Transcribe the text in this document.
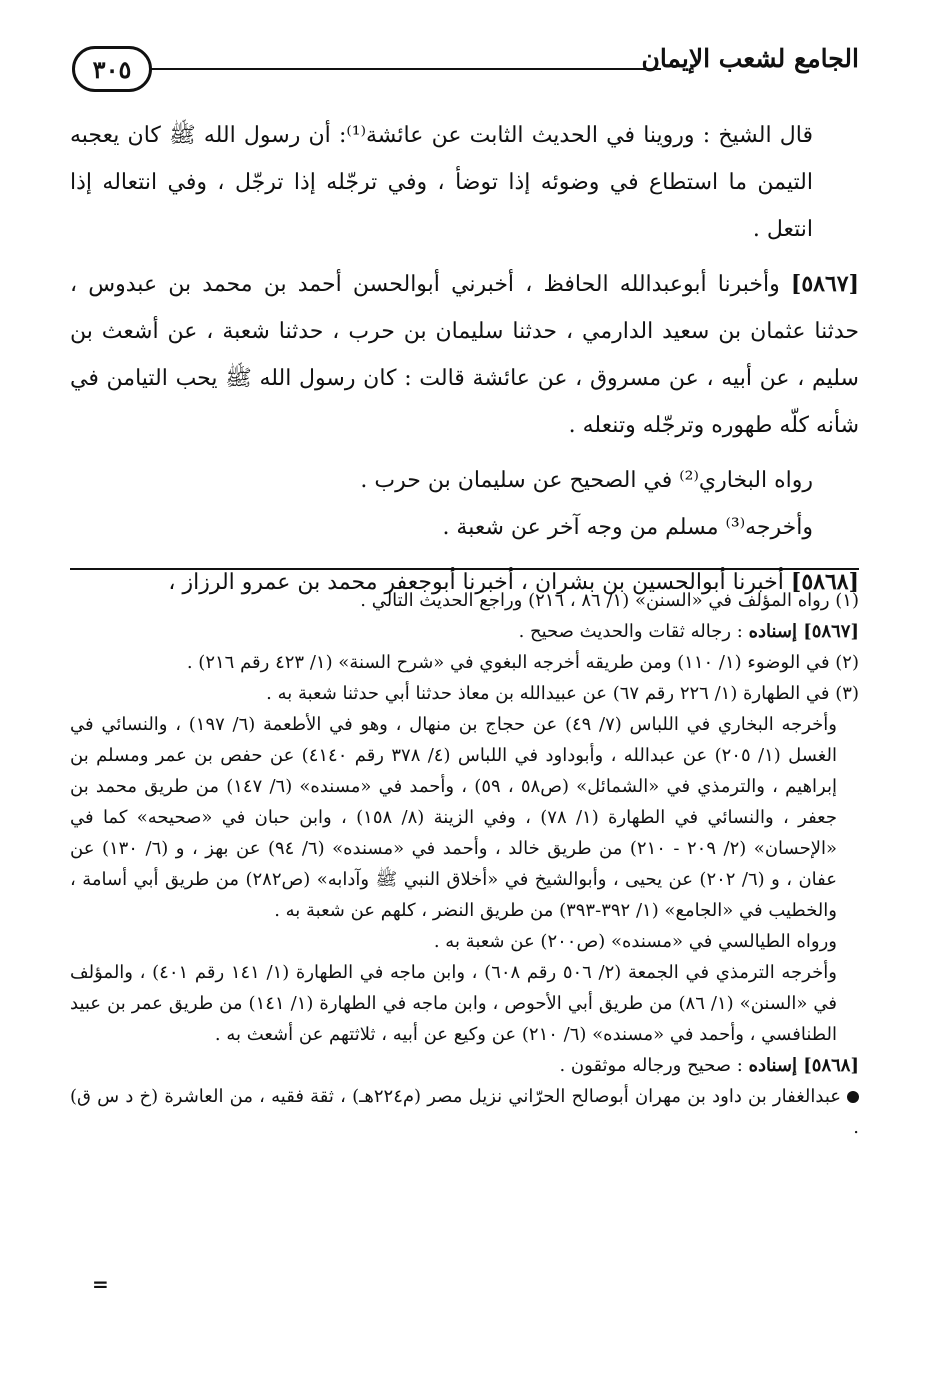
الجامع لشعب الإيمان
٣٠٥

قال الشيخ : وروينا في الحديث الثابت عن عائشة⁽¹⁾: أن رسول الله ﷺ كان يعجبه التيمن ما استطاع في وضوئه إذا توضأ ، وفي ترجّله إذا ترجّل ، وفي انتعاله إذا انتعل .

[٥٨٦٧] وأخبرنا أبوعبدالله الحافظ ، أخبرني أبوالحسن أحمد بن محمد بن عبدوس ، حدثنا عثمان بن سعيد الدارمي ، حدثنا سليمان بن حرب ، حدثنا شعبة ، عن أشعث بن سليم ، عن أبيه ، عن مسروق ، عن عائشة قالت : كان رسول الله ﷺ يحب التيامن في شأنه كلّه طهوره وترجّله وتنعله .

رواه البخاري⁽²⁾ في الصحيح عن سليمان بن حرب .

وأخرجه⁽³⁾ مسلم من وجه آخر عن شعبة .

[٥٨٦٨] أخبرنا أبوالحسين بن بشران ، أخبرنا أبوجعفر محمد بن عمرو الرزاز ،

(١) رواه المؤلف في «السنن» (١/ ٨٦ ، ٢١٦) وراجع الحديث التالي .

[٥٨٦٧] إسناده : رجاله ثقات والحديث صحيح .

(٢) في الوضوء (١/ ١١٠) ومن طريقه أخرجه البغوي في «شرح السنة» (١/ ٤٢٣ رقم ٢١٦) .

(٣) في الطهارة (١/ ٢٢٦ رقم ٦٧) عن عبيدالله بن معاذ حدثنا أبي حدثنا شعبة به .

وأخرجه البخاري في اللباس (٧/ ٤٩) عن حجاج بن منهال ، وهو في الأطعمة (٦/ ١٩٧) ، والنسائي في الغسل (١/ ٢٠٥) عن عبدالله ، وأبوداود في اللباس (٤/ ٣٧٨ رقم ٤١٤٠) عن حفص بن عمر ومسلم بن إبراهيم ، والترمذي في «الشمائل» (ص٥٨ ، ٥٩) ، وأحمد في «مسنده» (٦/ ١٤٧) من طريق محمد بن جعفر ، والنسائي في الطهارة (١/ ٧٨) ، وفي الزينة (٨/ ١٥٨) ، وابن حبان في «صحيحه» كما في «الإحسان» (٢/ ٢٠٩ - ٢١٠) من طريق خالد ، وأحمد في «مسنده» (٦/ ٩٤) عن بهز ، و (٦/ ١٣٠) عن عفان ، و (٦/ ٢٠٢) عن يحيى ، وأبوالشيخ في «أخلاق النبي ﷺ وآدابه» (ص٢٨٢) من طريق أبي أسامة ، والخطيب في «الجامع» (١/ ٣٩٢-٣٩٣) من طريق النضر ، كلهم عن شعبة به .

ورواه الطيالسي في «مسنده» (ص٢٠٠) عن شعبة به .

وأخرجه الترمذي في الجمعة (٢/ ٥٠٦ رقم ٦٠٨) ، وابن ماجه في الطهارة (١/ ١٤١ رقم ٤٠١) ، والمؤلف في «السنن» (١/ ٨٦) من طريق أبي الأحوص ، وابن ماجه في الطهارة (١/ ١٤١) من طريق عمر بن عبيد الطنافسي ، وأحمد في «مسنده» (٦/ ٢١٠) عن وكيع عن أبيه ، ثلاثتهم عن أشعث به .

[٥٨٦٨] إسناده : صحيح ورجاله موثقون .

عبدالغفار بن داود بن مهران أبوصالح الحرّاني نزيل مصر (م٢٢٤هـ) ، ثقة فقيه ، من العاشرة (خ د س ق) .

=
